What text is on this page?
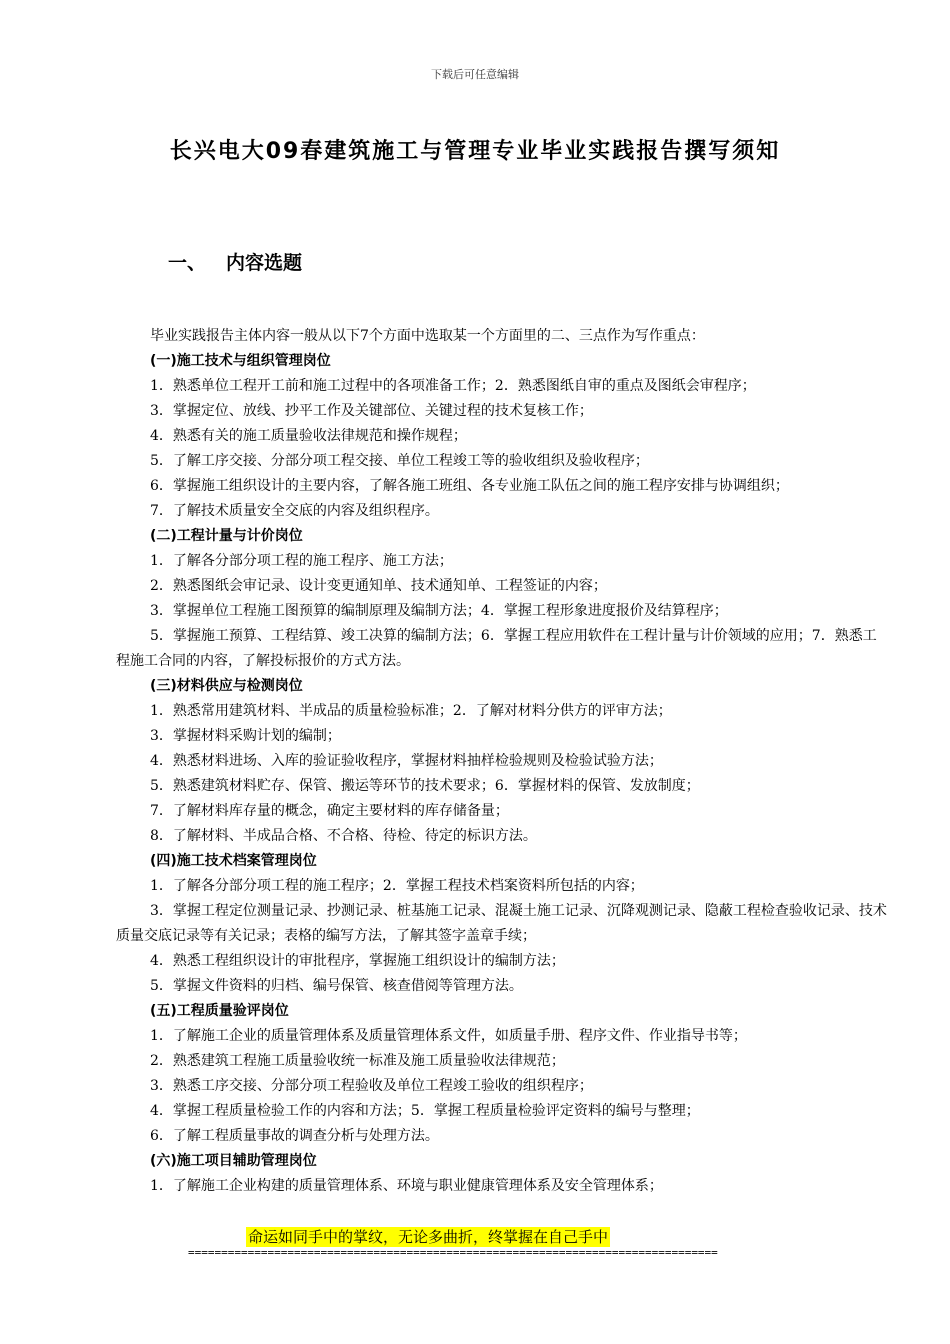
下载后可任意编辑
长兴电大09春建筑施工与管理专业毕业实践报告撰写须知
一、 内容选题

毕业实践报告主体内容一般从以下7个方面中选取某一个方面里的二、三点作为写作重点：

(一)施工技术与组织管理岗位

1．熟悉单位工程开工前和施工过程中的各项准备工作；2．熟悉图纸自审的重点及图纸会审程序；

3．掌握定位、放线、抄平工作及关键部位、关键过程的技术复核工作；

4．熟悉有关的施工质量验收法律规范和操作规程；

5．了解工序交接、分部分项工程交接、单位工程竣工等的验收组织及验收程序；

6．掌握施工组织设计的主要内容，了解各施工班组、各专业施工队伍之间的施工程序安排与协调组织；

7．了解技术质量安全交底的内容及组织程序。

(二)工程计量与计价岗位

1．了解各分部分项工程的施工程序、施工方法；

2．熟悉图纸会审记录、设计变更通知单、技术通知单、工程签证的内容；

3．掌握单位工程施工图预算的编制原理及编制方法；4．掌握工程形象进度报价及结算程序；

5．掌握施工预算、工程结算、竣工决算的编制方法；6．掌握工程应用软件在工程计量与计价领域的应用；7．熟悉工程施工合同的内容，了解投标报价的方式方法。

(三)材料供应与检测岗位

1．熟悉常用建筑材料、半成品的质量检验标准；2．了解对材料分供方的评审方法；

3．掌握材料采购计划的编制；

4．熟悉材料进场、入库的验证验收程序，掌握材料抽样检验规则及检验试验方法；

5．熟悉建筑材料贮存、保管、搬运等环节的技术要求；6．掌握材料的保管、发放制度；

7．了解材料库存量的概念，确定主要材料的库存储备量；

8．了解材料、半成品合格、不合格、待检、待定的标识方法。

(四)施工技术档案管理岗位

1．了解各分部分项工程的施工程序；2．掌握工程技术档案资料所包括的内容；

3．掌握工程定位测量记录、抄测记录、桩基施工记录、混凝土施工记录、沉降观测记录、隐蔽工程检查验收记录、技术质量交底记录等有关记录；表格的编写方法，了解其签字盖章手续；

4．熟悉工程组织设计的审批程序，掌握施工组织设计的编制方法；

5．掌握文件资料的归档、编号保管、核查借阅等管理方法。

(五)工程质量验评岗位

1．了解施工企业的质量管理体系及质量管理体系文件，如质量手册、程序文件、作业指导书等；

2．熟悉建筑工程施工质量验收统一标准及施工质量验收法律规范；

3．熟悉工序交接、分部分项工程验收及单位工程竣工验收的组织程序；

4．掌握工程质量检验工作的内容和方法；5．掌握工程质量检验评定资料的编号与整理；

6．了解工程质量事故的调查分析与处理方法。

(六)施工项目辅助管理岗位

1．了解施工企业构建的质量管理体系、环境与职业健康管理体系及安全管理体系；

命运如同手中的掌纹，无论多曲折，终掌握在自己手中
================================================================================
